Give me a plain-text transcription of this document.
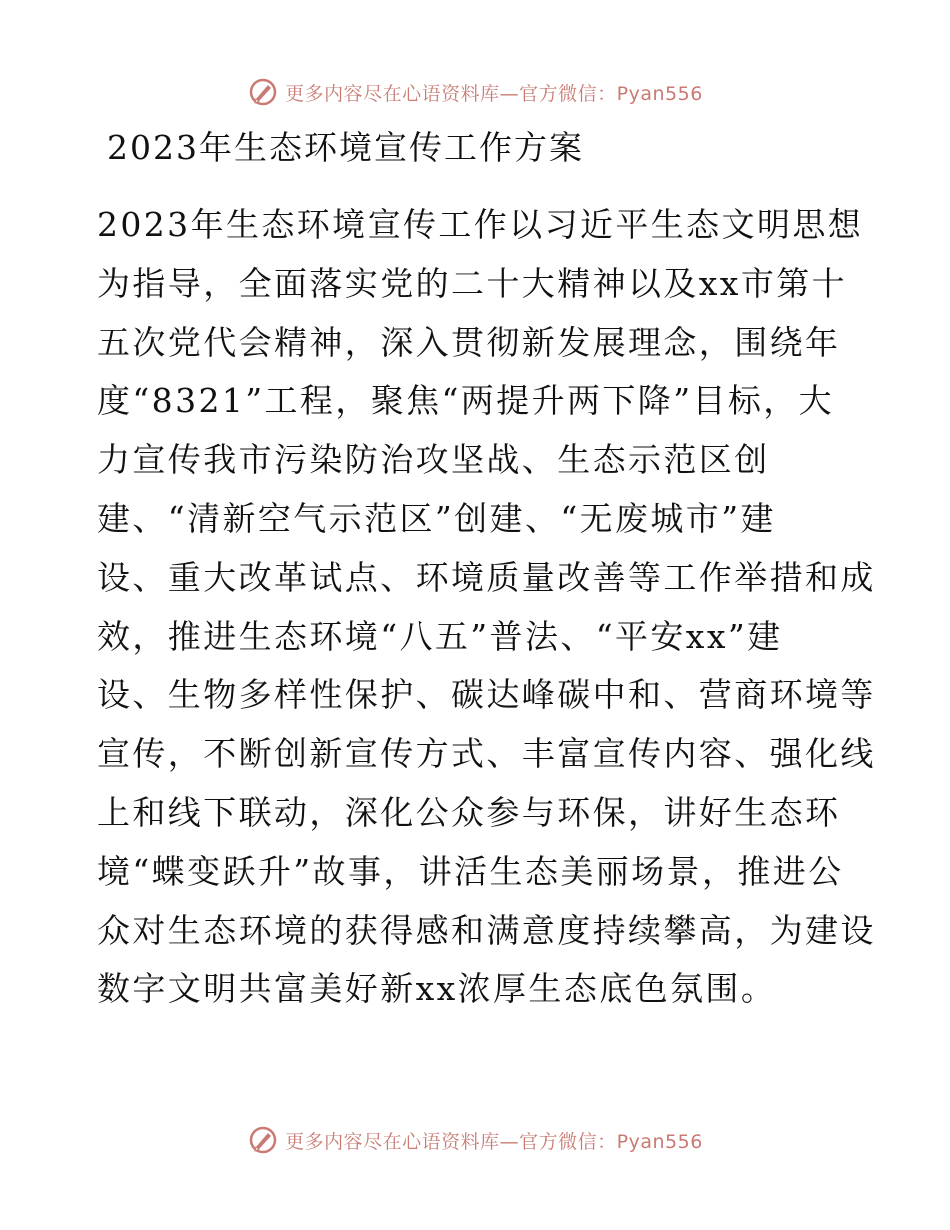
更多内容尽在心语资料库—官方微信：Pyan556
2023年生态环境宣传工作方案
2023年生态环境宣传工作以习近平生态文明思想
为指导，全面落实党的二十大精神以及xx市第十
五次党代会精神，深入贯彻新发展理念，围绕年
度“8321”工程，聚焦“两提升两下降”目标，大
力宣传我市污染防治攻坚战、生态示范区创
建、“清新空气示范区”创建、“无废城市”建
设、重大改革试点、环境质量改善等工作举措和成
效，推进生态环境“八五”普法、“平安xx”建
设、生物多样性保护、碳达峰碳中和、营商环境等
宣传，不断创新宣传方式、丰富宣传内容、强化线
上和线下联动，深化公众参与环保，讲好生态环
境“蝶变跃升”故事，讲活生态美丽场景，推进公
众对生态环境的获得感和满意度持续攀高，为建设
数字文明共富美好新xx浓厚生态底色氛围。
更多内容尽在心语资料库—官方微信：Pyan556
